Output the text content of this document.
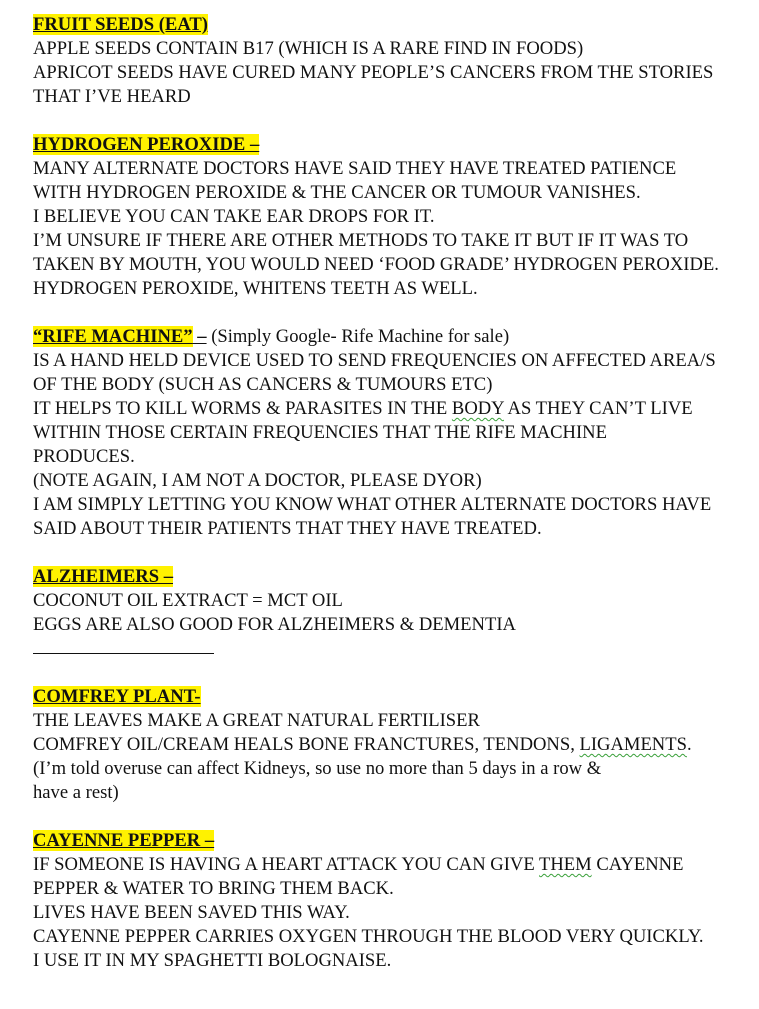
FRUIT SEEDS (EAT)
APPLE SEEDS CONTAIN B17 (WHICH IS A RARE FIND IN FOODS)
APRICOT SEEDS HAVE CURED MANY PEOPLE’S CANCERS FROM THE STORIES
THAT I’VE HEARD
HYDROGEN PEROXIDE –
MANY ALTERNATE DOCTORS HAVE SAID THEY HAVE TREATED PATIENCE
WITH HYDROGEN PEROXIDE & THE CANCER OR TUMOUR VANISHES.
I BELIEVE YOU CAN TAKE EAR DROPS FOR IT.
I’M UNSURE IF THERE ARE OTHER METHODS TO TAKE IT BUT IF IT WAS TO
TAKEN BY MOUTH, YOU WOULD NEED ‘FOOD GRADE’ HYDROGEN PEROXIDE.
HYDROGEN PEROXIDE, WHITENS TEETH AS WELL.
“RIFE MACHINE” – (Simply Google- Rife Machine for sale)
IS A HAND HELD DEVICE USED TO SEND FREQUENCIES ON AFFECTED AREA/S
OF THE BODY (SUCH AS CANCERS & TUMOURS ETC)
IT HELPS TO KILL WORMS & PARASITES IN THE BODY AS THEY CAN’T LIVE
WITHIN THOSE CERTAIN FREQUENCIES THAT THE RIFE MACHINE
PRODUCES.
(NOTE AGAIN, I AM NOT A DOCTOR, PLEASE DYOR)
I AM SIMPLY LETTING YOU KNOW WHAT OTHER ALTERNATE DOCTORS HAVE
SAID ABOUT THEIR PATIENTS THAT THEY HAVE TREATED.
ALZHEIMERS –
COCONUT OIL EXTRACT = MCT OIL
EGGS ARE ALSO GOOD FOR ALZHEIMERS & DEMENTIA
COMFREY PLANT-
THE LEAVES MAKE A GREAT NATURAL FERTILISER
COMFREY OIL/CREAM HEALS BONE FRANCTURES, TENDONS, LIGAMENTS.
(I’m told overuse can affect Kidneys, so use no more than 5 days in a row &
have a rest)
CAYENNE PEPPER –
IF SOMEONE IS HAVING A HEART ATTACK YOU CAN GIVE THEM CAYENNE
PEPPER & WATER TO BRING THEM BACK.
LIVES HAVE BEEN SAVED THIS WAY.
CAYENNE PEPPER CARRIES OXYGEN THROUGH THE BLOOD VERY QUICKLY.
I USE IT IN MY SPAGHETTI BOLOGNAISE.
